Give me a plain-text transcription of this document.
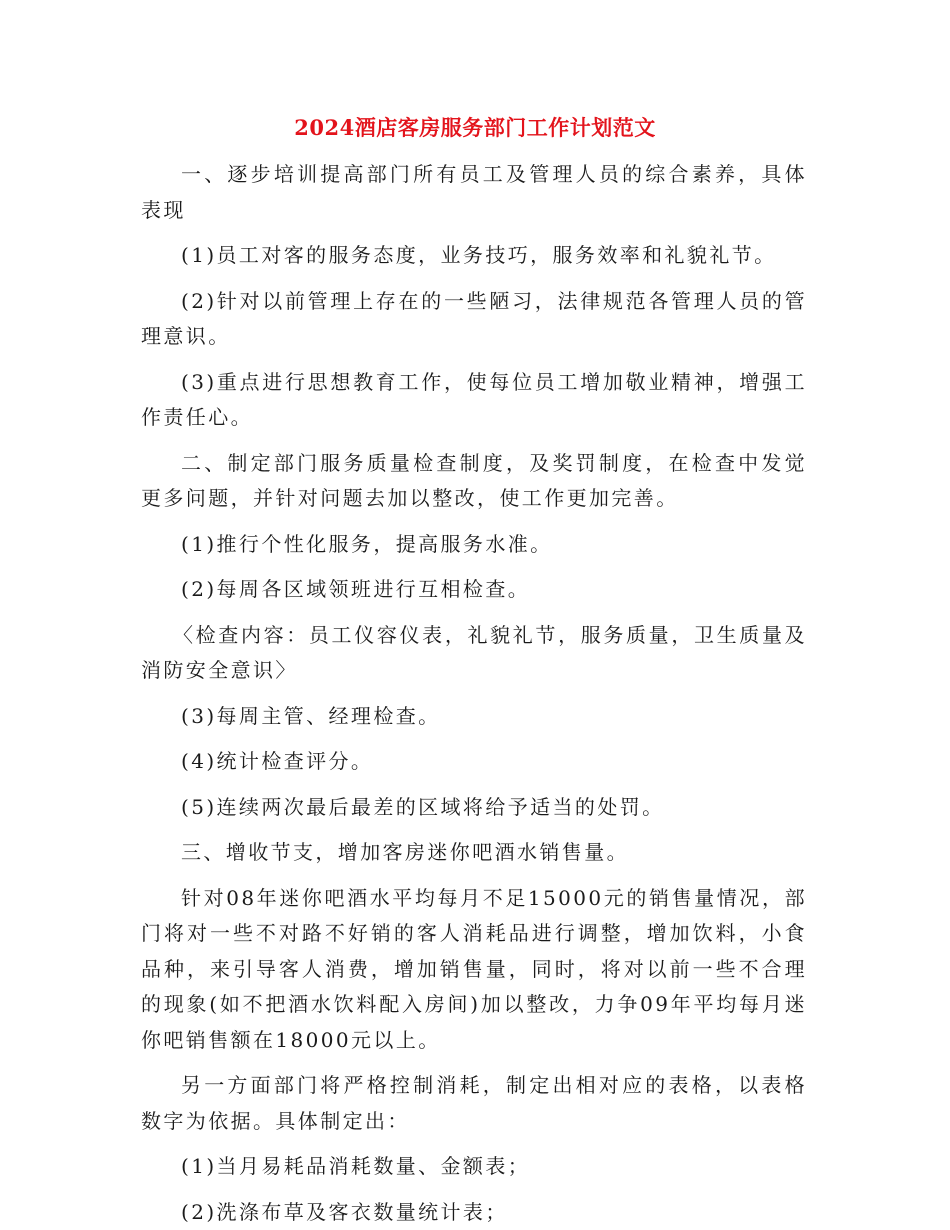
2024酒店客房服务部门工作计划范文

一、逐步培训提高部门所有员工及管理人员的综合素养，具体表现

(1)员工对客的服务态度，业务技巧，服务效率和礼貌礼节。

(2)针对以前管理上存在的一些陋习，法律规范各管理人员的管理意识。

(3)重点进行思想教育工作，使每位员工增加敬业精神，增强工作责任心。

二、制定部门服务质量检查制度，及奖罚制度，在检查中发觉更多问题，并针对问题去加以整改，使工作更加完善。

(1)推行个性化服务，提高服务水准。

(2)每周各区域领班进行互相检查。

〈检查内容：员工仪容仪表，礼貌礼节，服务质量，卫生质量及消防安全意识〉

(3)每周主管、经理检查。

(4)统计检查评分。

(5)连续两次最后最差的区域将给予适当的处罚。

三、增收节支，增加客房迷你吧酒水销售量。

针对08年迷你吧酒水平均每月不足15000元的销售量情况，部门将对一些不对路不好销的客人消耗品进行调整，增加饮料，小食品种，来引导客人消费，增加销售量，同时，将对以前一些不合理的现象(如不把酒水饮料配入房间)加以整改，力争09年平均每月迷你吧销售额在18000元以上。

另一方面部门将严格控制消耗，制定出相对应的表格，以表格数字为依据。具体制定出：

(1)当月易耗品消耗数量、金额表；

(2)洗涤布草及客衣数量统计表；
